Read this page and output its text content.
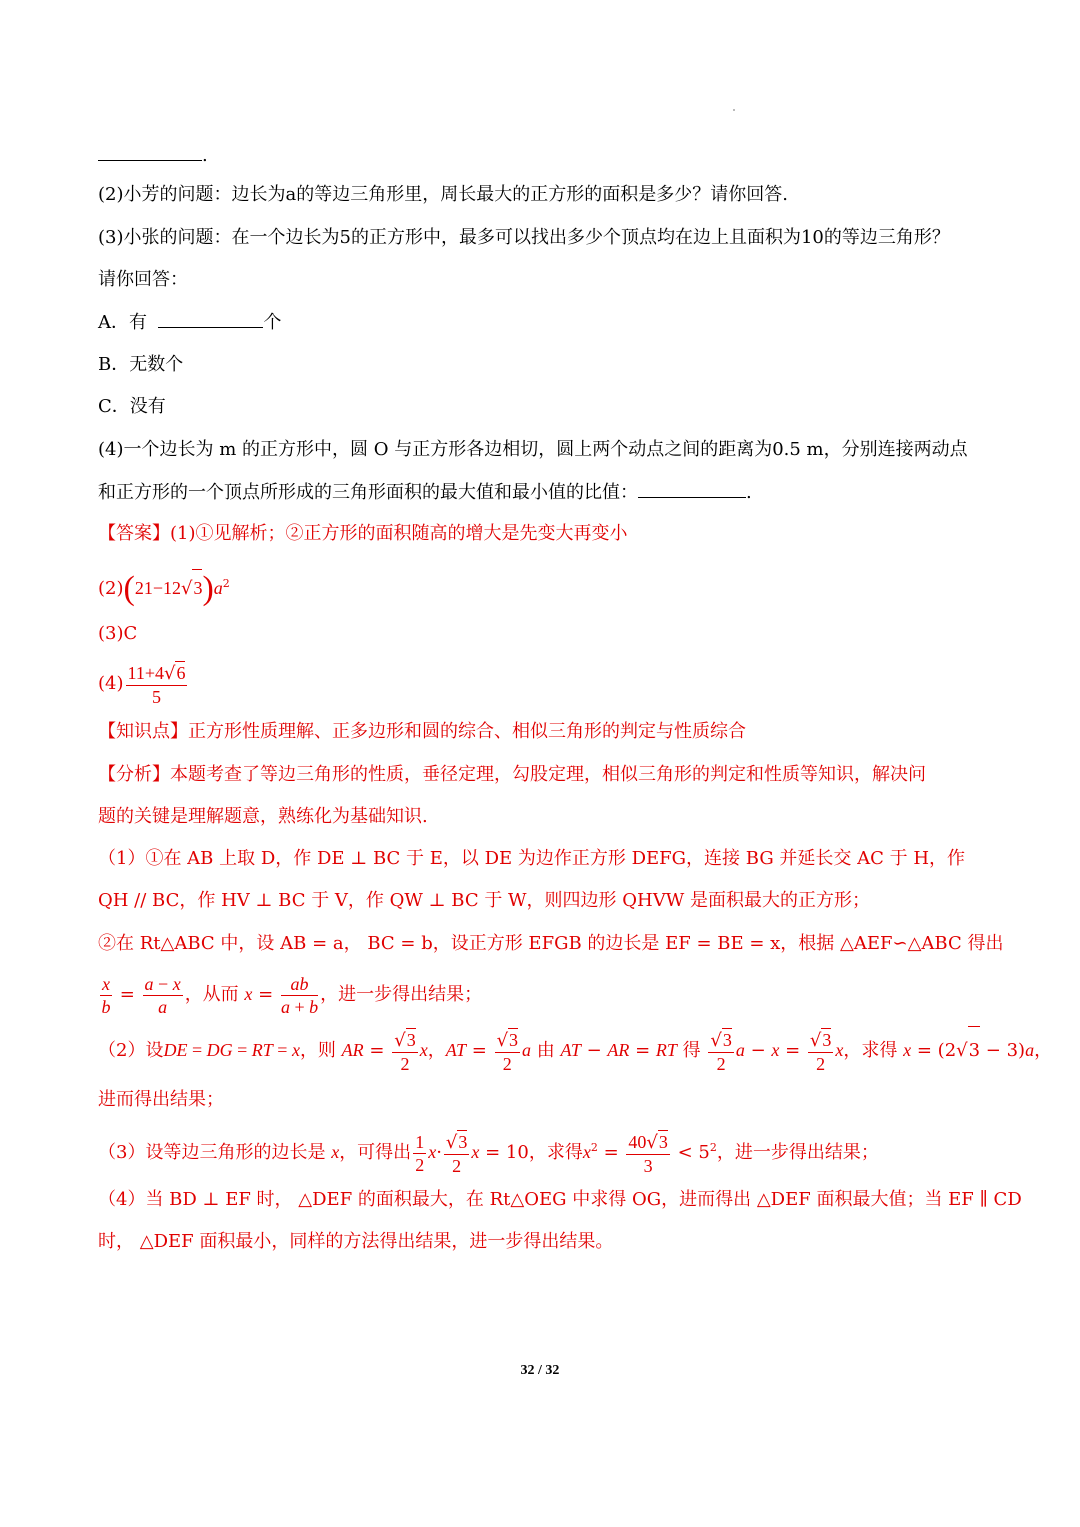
.
(2)小芳的问题：边长为a的等边三角形里，周长最大的正方形的面积是多少？请你回答.
(3)小张的问题：在一个边长为5的正方形中，最多可以找出多少个顶点均在边上且面积为10的等边三角形？
请你回答：
A．有	个
B．无数个
C．没有
(4)一个边长为 m 的正方形中，圆 O 与正方形各边相切，圆上两个动点之间的距离为0.5 m，分别连接两动点
和正方形的一个顶点所形成的三角形面积的最大值和最小值的比值：	.
【答案】(1)①见解析；②正方形的面积随高的增大是先变大再变小
$(2)(21-12√3)a^2$
(3)C
$(4) \frac{11+4√6}{5}$
【知识点】正方形性质理解、正多边形和圆的综合、相似三角形的判定与性质综合
【分析】本题考查了等边三角形的性质，垂径定理，勾股定理，相似三角形的判定和性质等知识，解决问
题的关键是理解题意，熟练化为基础知识.
（1）①在 AB 上取 D，作 DE ⊥ BC 于 E，以 DE 为边作正方形 DEFG，连接 BG 并延长交 AC 于 H，作
QH // BC，作 HV ⊥ BC 于 V，作 QW ⊥ BC 于 W，则四边形 QHVW 是面积最大的正方形；
②在 Rt△ABC 中，设 AB = a， BC = b，设正方形 EFGB 的边长是 EF = BE = x，根据 △AEF∽△ABC 得出
$\frac{x}{b} = \frac{a - x}{a}$ ，从而 $x = \frac{ab}{a + b}$ ，进一步得出结果；
（2）设DE = DG = RT = x，则 AR = $\frac{√3}{2}$ x，AT = $\frac{√3}{2}$ a 由 AT − AR = RT 得 $\frac{√3}{2}$ $a - x = \frac{√3}{2}$ x，求得 x = (2√3 − 3)a，
进而得出结果；
（3）设等边三角形的边长是 x，可得出 $\frac{1}{2} x\cdot \frac{√3}{2}$ x = 10，求得$x^2 = \frac{40√3}{3} < 5^2$，进一步得出结果；
（4）当 BD ⊥ EF 时， △DEF 的面积最大，在 Rt△OEG 中求得 OG，进而得出 △DEF 面积最大值；当 EF ∥ CD
时， △DEF 面积最小，同样的方法得出结果，进一步得出结果。
32 / 32
